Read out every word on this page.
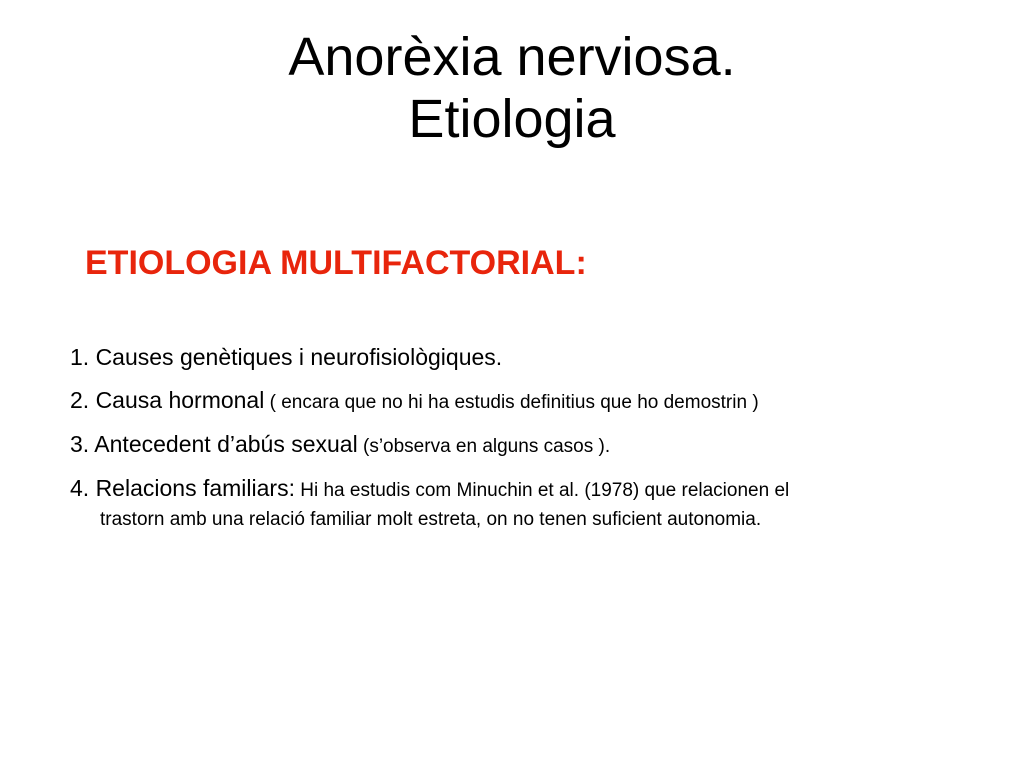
Anorèxia nerviosa.
Etiologia
ETIOLOGIA MULTIFACTORIAL:
1. Causes genètiques i neurofisiològiques.
2. Causa hormonal ( encara que no hi ha estudis definitius que ho demostrin )
3. Antecedent d’abús sexual (s’observa en alguns casos ).
4. Relacions familiars: Hi ha estudis com Minuchin et al. (1978) que relacionen el
trastorn amb una relació familiar molt estreta, on no tenen suficient autonomia.
